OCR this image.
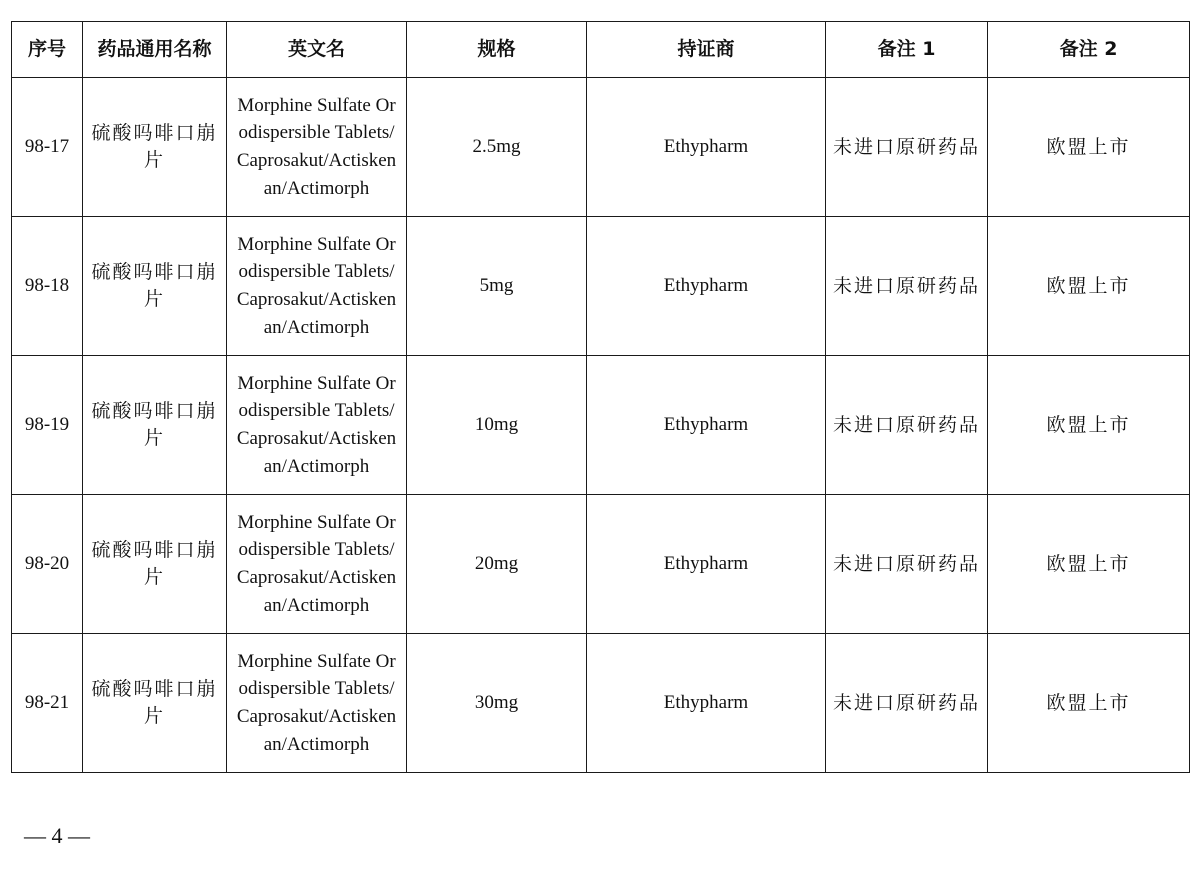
序号	药品通用名称	英文名	规格	持证商	备注 1	备注 2
98-17	硫酸吗啡口崩片	Morphine Sulfate Orodispersible Tablets/Caprosakut/Actiskenan/Actimorph	2.5mg	Ethypharm	未进口原研药品	欧盟上市
98-18	硫酸吗啡口崩片	Morphine Sulfate Orodispersible Tablets/Caprosakut/Actiskenan/Actimorph	5mg	Ethypharm	未进口原研药品	欧盟上市
98-19	硫酸吗啡口崩片	Morphine Sulfate Orodispersible Tablets/Caprosakut/Actiskenan/Actimorph	10mg	Ethypharm	未进口原研药品	欧盟上市
98-20	硫酸吗啡口崩片	Morphine Sulfate Orodispersible Tablets/Caprosakut/Actiskenan/Actimorph	20mg	Ethypharm	未进口原研药品	欧盟上市
98-21	硫酸吗啡口崩片	Morphine Sulfate Orodispersible Tablets/Caprosakut/Actiskenan/Actimorph	30mg	Ethypharm	未进口原研药品	欧盟上市
— 4 —
